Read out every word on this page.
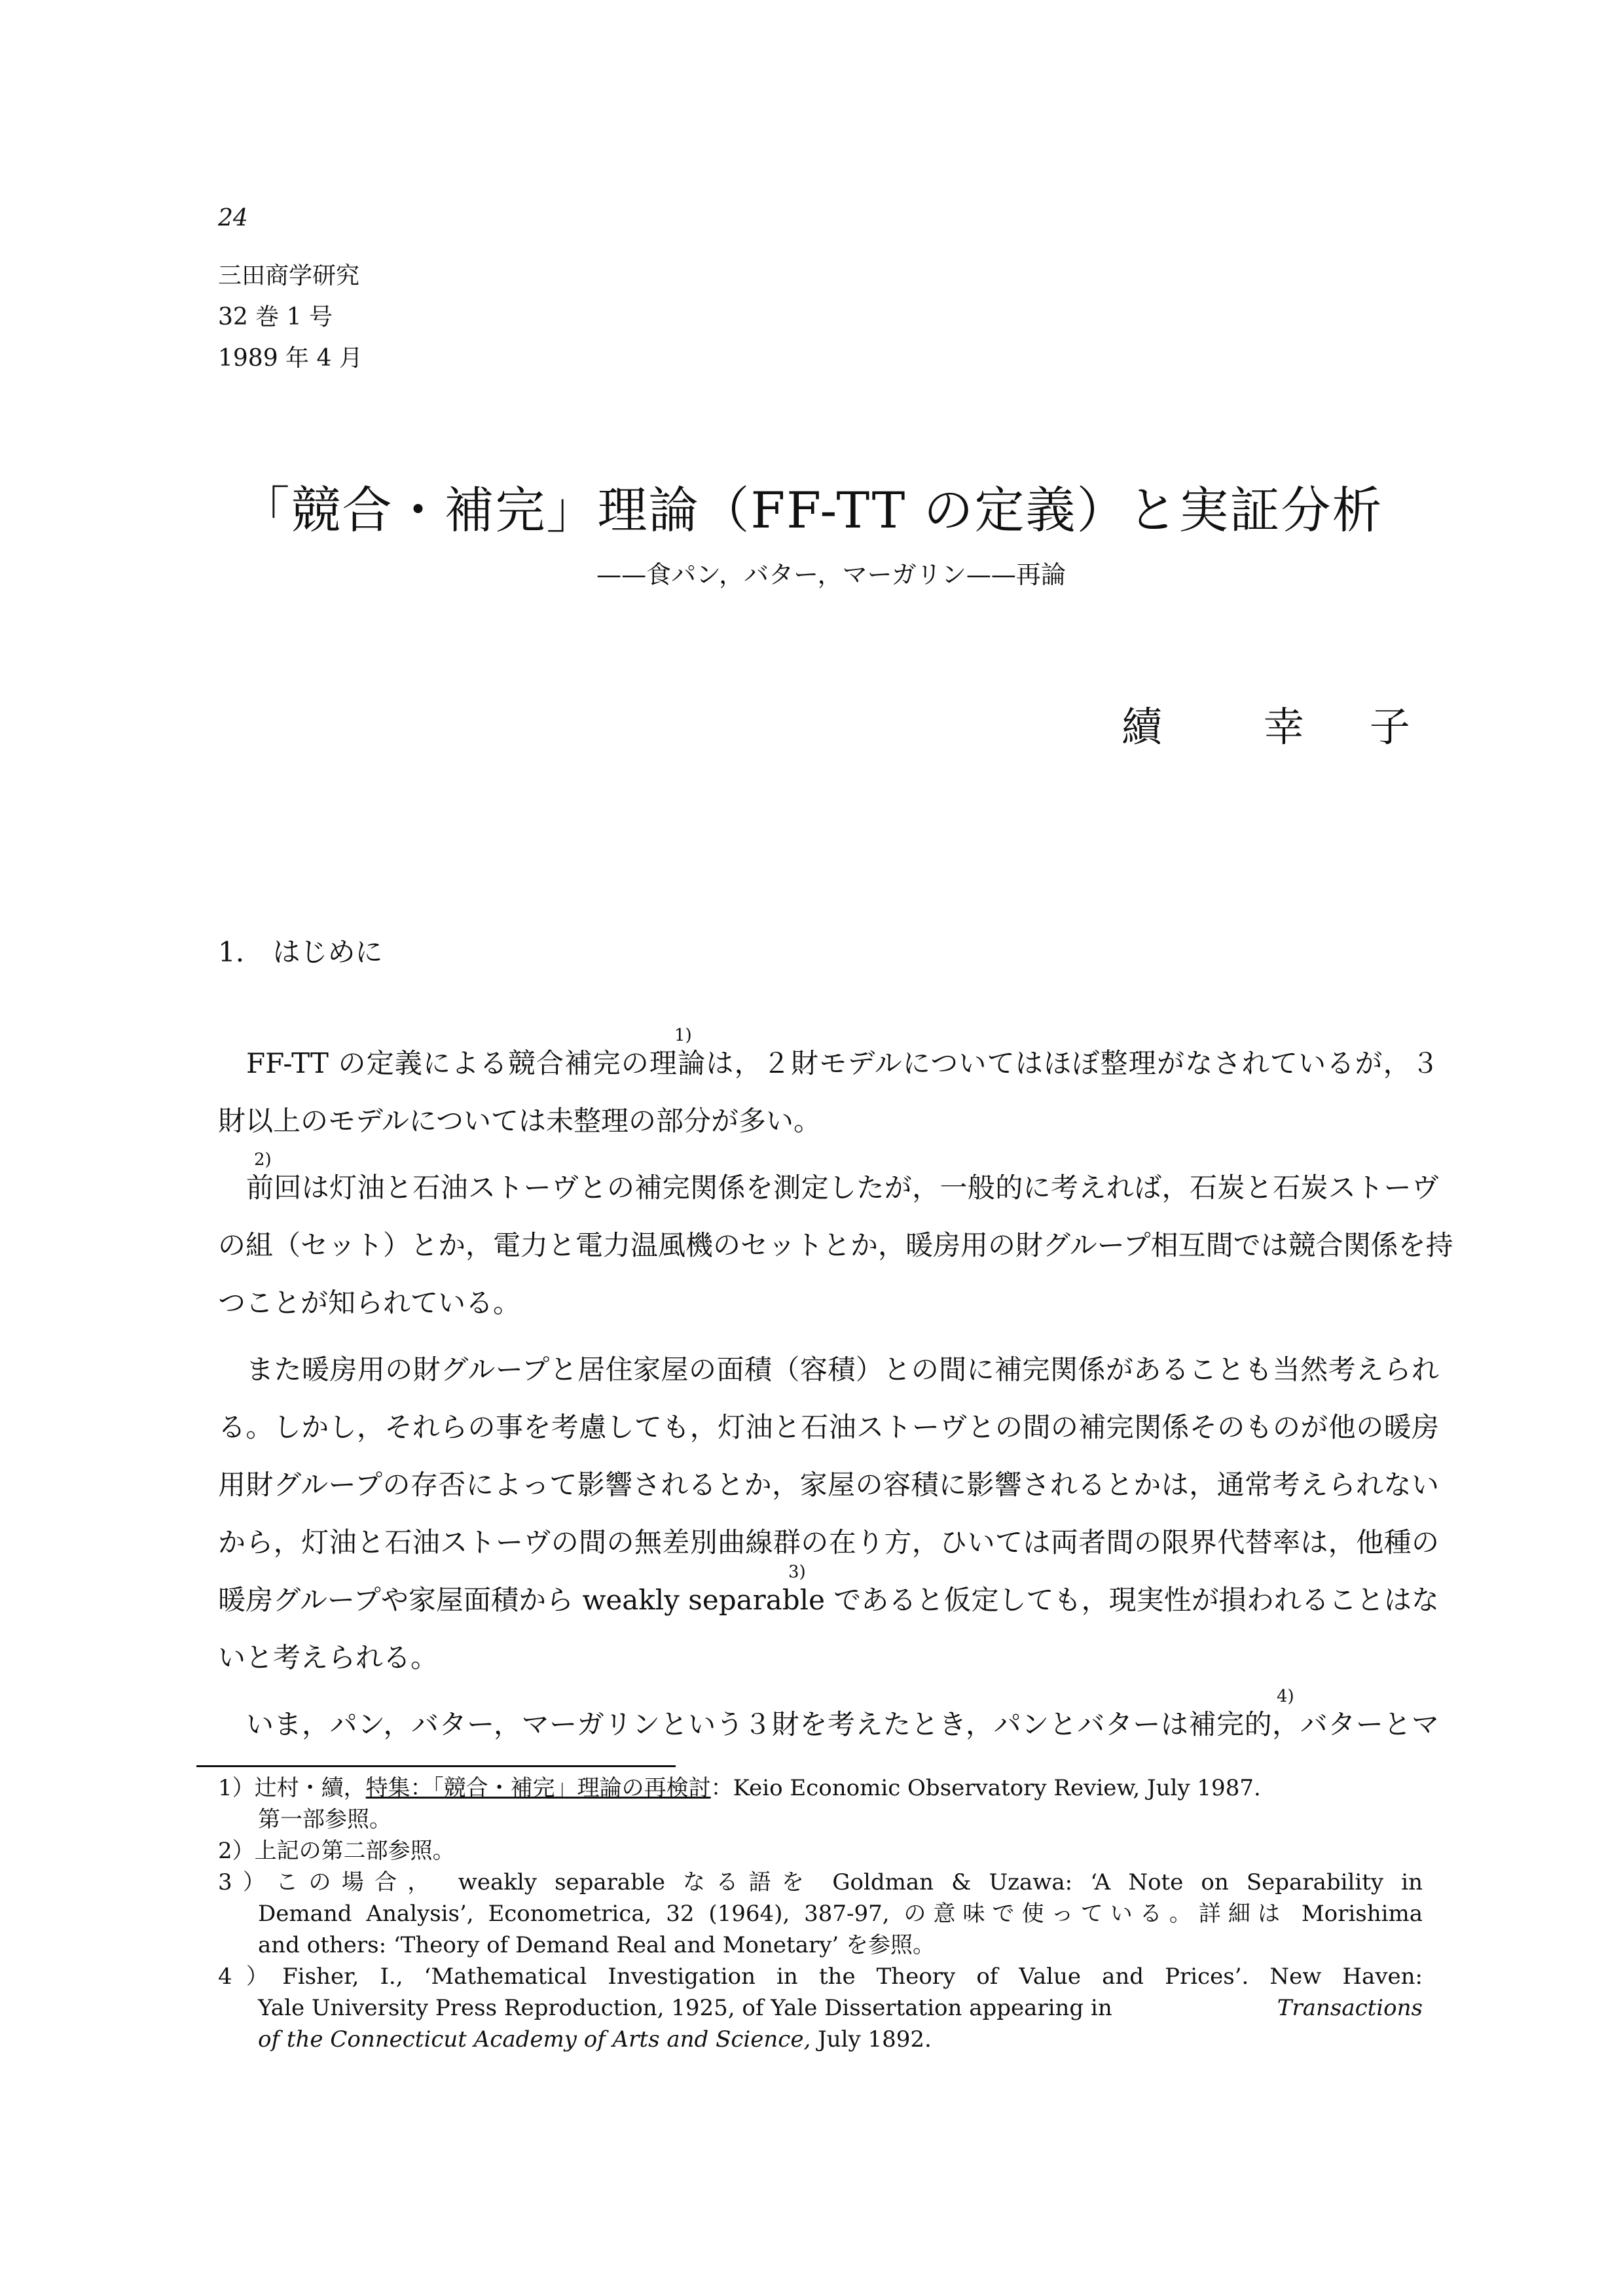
24
三田商学研究
32 巻 1 号
1989 年 4 月
「競合・補完」理論（FF-TT の定義）と実証分析
——食パン，バター，マーガリン——再論
續 幸 子
1. はじめに
FF-TT の定義による競合補完の理論は，２財モデルについてはほぼ整理がなされているが，３
財以上のモデルについては未整理の部分が多い。
前回は灯油と石油ストーヴとの補完関係を測定したが，一般的に考えれば，石炭と石炭ストーヴ
の組（セット）とか，電力と電力温風機のセットとか，暖房用の財グループ相互間では競合関係を持
つことが知られている。
また暖房用の財グループと居住家屋の面積（容積）との間に補完関係があることも当然考えられ
る。しかし，それらの事を考慮しても，灯油と石油ストーヴとの間の補完関係そのものが他の暖房
用財グループの存否によって影響されるとか，家屋の容積に影響されるとかは，通常考えられない
から，灯油と石油ストーヴの間の無差別曲線群の在り方，ひいては両者間の限界代替率は，他種の
暖房グループや家屋面積から weakly separable であると仮定しても，現実性が損われることはな
いと考えられる。
いま，パン，バター，マーガリンという３財を考えたとき，パンとバターは補完的，バターとマ
1)
2)
3)
4)
1）辻村・續，特集：「競合・補完」理論の再検討：Keio Economic Observatory Review, July 1987.
第一部参照。
2）上記の第二部参照。
3）この場合， weakly separable なる語を Goldman & Uzawa: ‘A Note on Separability in
Demand Analysis’, Econometrica, 32 (1964), 387-97, の意味で使っている。詳細は Morishima
and others: ‘Theory of Demand Real and Monetary’ を参照。
4）Fisher, I., ‘Mathematical Investigation in the Theory of Value and Prices’. New Haven:
Yale University Press Reproduction, 1925, of Yale Dissertation appearing in	Transactions
of the Connecticut Academy of Arts and Science, July 1892.
